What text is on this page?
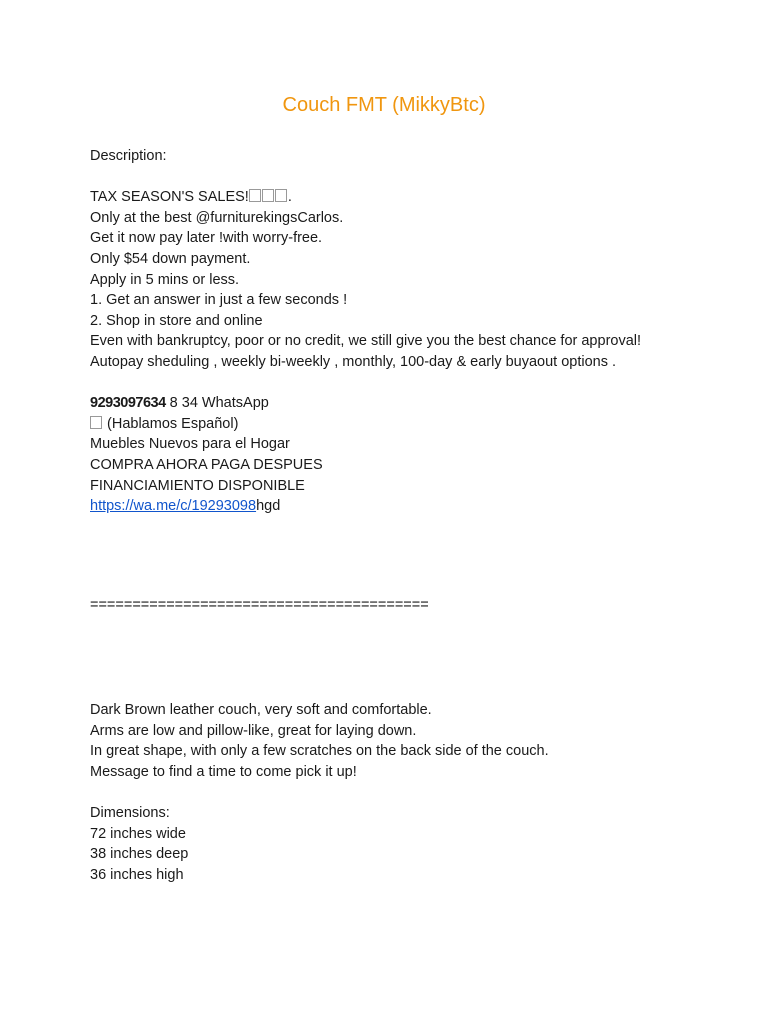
Couch FMT (MikkyBtc)
Description:
TAX SEASON'S SALES!	.
Only at the best @furniturekingsCarlos.
Get it now pay later !with worry-free.
Only $54 down payment.
Apply in 5 mins or less.
1. Get an answer in just a few seconds !
2. Shop in store and online
Even with bankruptcy, poor or no credit, we still give you the best chance for approval!
Autopay sheduling , weekly bi-weekly , monthly, 100-day & early buyaout options .
9293097634 8 34 WhatsApp
(Hablamos Español)
Muebles Nuevos para el Hogar
COMPRA AHORA PAGA DESPUES
FINANCIAMIENTO DISPONIBLE
https://wa.me/c/19293098hgd
========================================
Dark Brown leather couch, very soft and comfortable.
Arms are low and pillow-like, great for laying down.
In great shape, with only a few scratches on the back side of the couch.
Message to find a time to come pick it up!
Dimensions:
72 inches wide
38 inches deep
36 inches high
